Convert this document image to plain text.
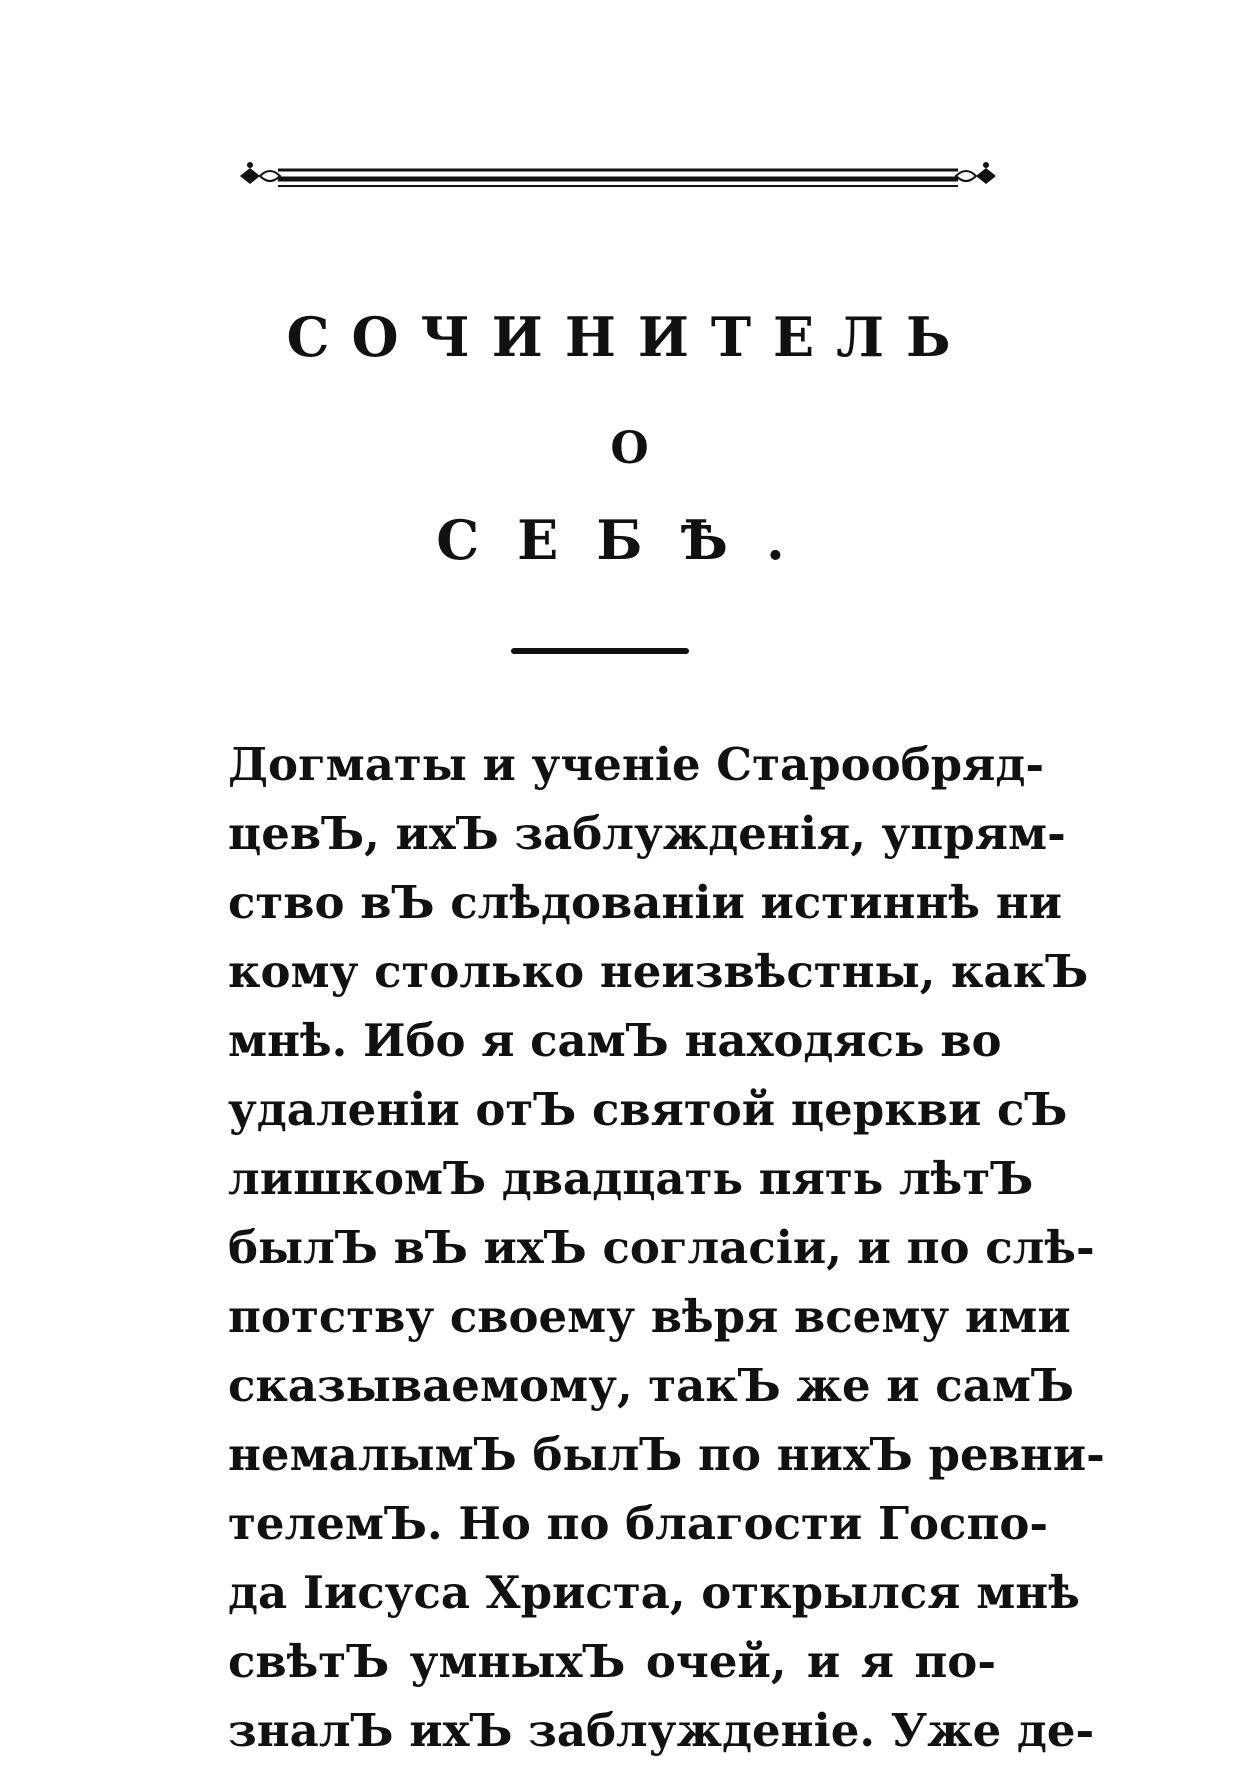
СОЧИНИТЕЛЬ
О
СЕБѢ.
Догматы и ученіе Старообряд-
цевЪ, ихЪ заблужденія, упрям-
ство вЪ слѣдованіи истиннѣ ни
кому столько неизвѣстны, какЪ
мнѣ. Ибо я самЪ находясь во
удаленіи отЪ святой церкви сЪ
лишкомЪ двадцать пять лѣтЪ
былЪ вЪ ихЪ согласіи, и по слѣ-
потству своему вѣря всему ими
сказываемому, такЪ же и самЪ
немалымЪ былЪ по нихЪ ревни-
телемЪ. Но по благости Госпо-
да Іисуса Христа, открылся мнѣ
свѣтЪ умныхЪ очей, и я по-
зналЪ ихЪ заблужденіе. Уже де-
